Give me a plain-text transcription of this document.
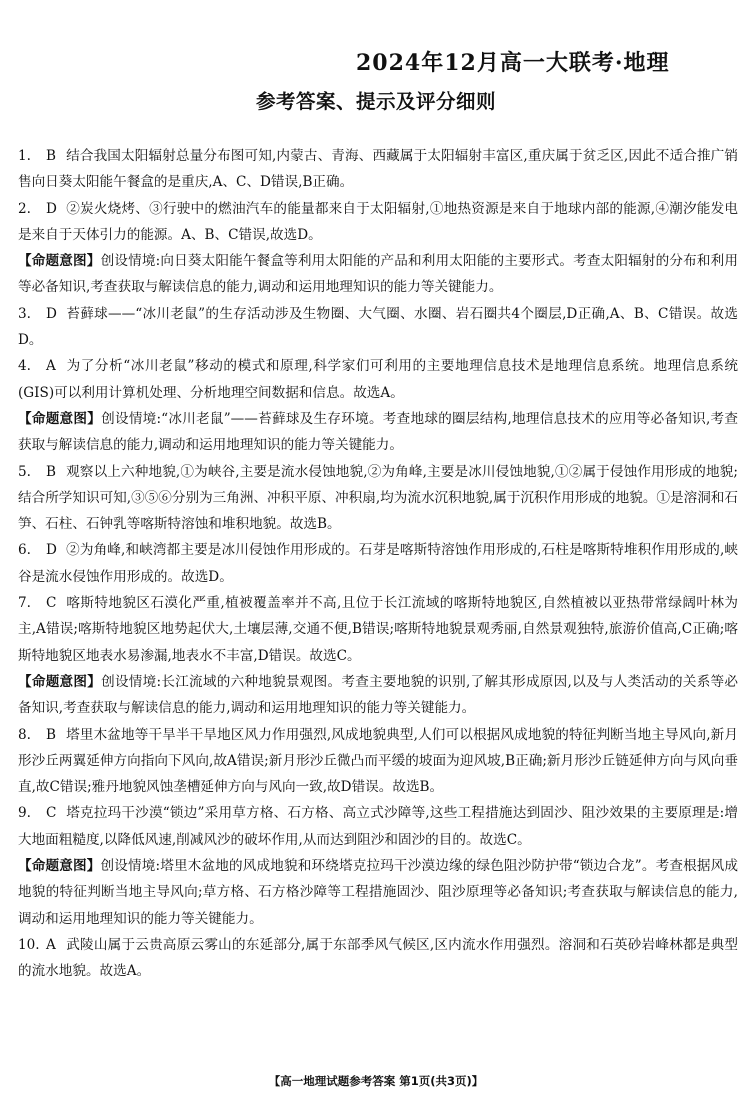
2024年12月高一大联考·地理
参考答案、提示及评分细则

1. B 结合我国太阳辐射总量分布图可知,内蒙古、青海、西藏属于太阳辐射丰富区,重庆属于贫乏区,因此不适合推广销售向日葵太阳能午餐盒的是重庆,A、C、D错误,B正确。

2. D ②炭火烧烤、③行驶中的燃油汽车的能量都来自于太阳辐射,①地热资源是来自于地球内部的能源,④潮汐能发电是来自于天体引力的能源。A、B、C错误,故选D。

【命题意图】创设情境:向日葵太阳能午餐盒等利用太阳能的产品和利用太阳能的主要形式。考查太阳辐射的分布和利用等必备知识,考查获取与解读信息的能力,调动和运用地理知识的能力等关键能力。

3. D 苔藓球——“冰川老鼠”的生存活动涉及生物圈、大气圈、水圈、岩石圈共4个圈层,D正确,A、B、C错误。故选D。

4. A 为了分析“冰川老鼠”移动的模式和原理,科学家们可利用的主要地理信息技术是地理信息系统。地理信息系统(GIS)可以利用计算机处理、分析地理空间数据和信息。故选A。

【命题意图】创设情境:“冰川老鼠”——苔藓球及生存环境。考查地球的圈层结构,地理信息技术的应用等必备知识,考查获取与解读信息的能力,调动和运用地理知识的能力等关键能力。

5. B 观察以上六种地貌,①为峡谷,主要是流水侵蚀地貌,②为角峰,主要是冰川侵蚀地貌,①②属于侵蚀作用形成的地貌;结合所学知识可知,③⑤⑥分别为三角洲、冲积平原、冲积扇,均为流水沉积地貌,属于沉积作用形成的地貌。①是溶洞和石笋、石柱、石钟乳等喀斯特溶蚀和堆积地貌。故选B。

6. D ②为角峰,和峡湾都主要是冰川侵蚀作用形成的。石芽是喀斯特溶蚀作用形成的,石柱是喀斯特堆积作用形成的,峡谷是流水侵蚀作用形成的。故选D。

7. C 喀斯特地貌区石漠化严重,植被覆盖率并不高,且位于长江流域的喀斯特地貌区,自然植被以亚热带常绿阔叶林为主,A错误;喀斯特地貌区地势起伏大,土壤层薄,交通不便,B错误;喀斯特地貌景观秀丽,自然景观独特,旅游价值高,C正确;喀斯特地貌区地表水易渗漏,地表水不丰富,D错误。故选C。

【命题意图】创设情境:长江流域的六种地貌景观图。考查主要地貌的识别,了解其形成原因,以及与人类活动的关系等必备知识,考查获取与解读信息的能力,调动和运用地理知识的能力等关键能力。

8. B 塔里木盆地等干旱半干旱地区风力作用强烈,风成地貌典型,人们可以根据风成地貌的特征判断当地主导风向,新月形沙丘两翼延伸方向指向下风向,故A错误;新月形沙丘微凸而平缓的坡面为迎风坡,B正确;新月形沙丘链延伸方向与风向垂直,故C错误;雅丹地貌风蚀垄槽延伸方向与风向一致,故D错误。故选B。

9. C 塔克拉玛干沙漠“锁边”采用草方格、石方格、高立式沙障等,这些工程措施达到固沙、阻沙效果的主要原理是:增大地面粗糙度,以降低风速,削减风沙的破坏作用,从而达到阻沙和固沙的目的。故选C。

【命题意图】创设情境:塔里木盆地的风成地貌和环绕塔克拉玛干沙漠边缘的绿色阻沙防护带“锁边合龙”。考查根据风成地貌的特征判断当地主导风向;草方格、石方格沙障等工程措施固沙、阻沙原理等必备知识;考查获取与解读信息的能力,调动和运用地理知识的能力等关键能力。

10. A 武陵山属于云贵高原云雾山的东延部分,属于东部季风气候区,区内流水作用强烈。溶洞和石英砂岩峰林都是典型的流水地貌。故选A。

【高一地理试题参考答案 第1页(共3页)】
